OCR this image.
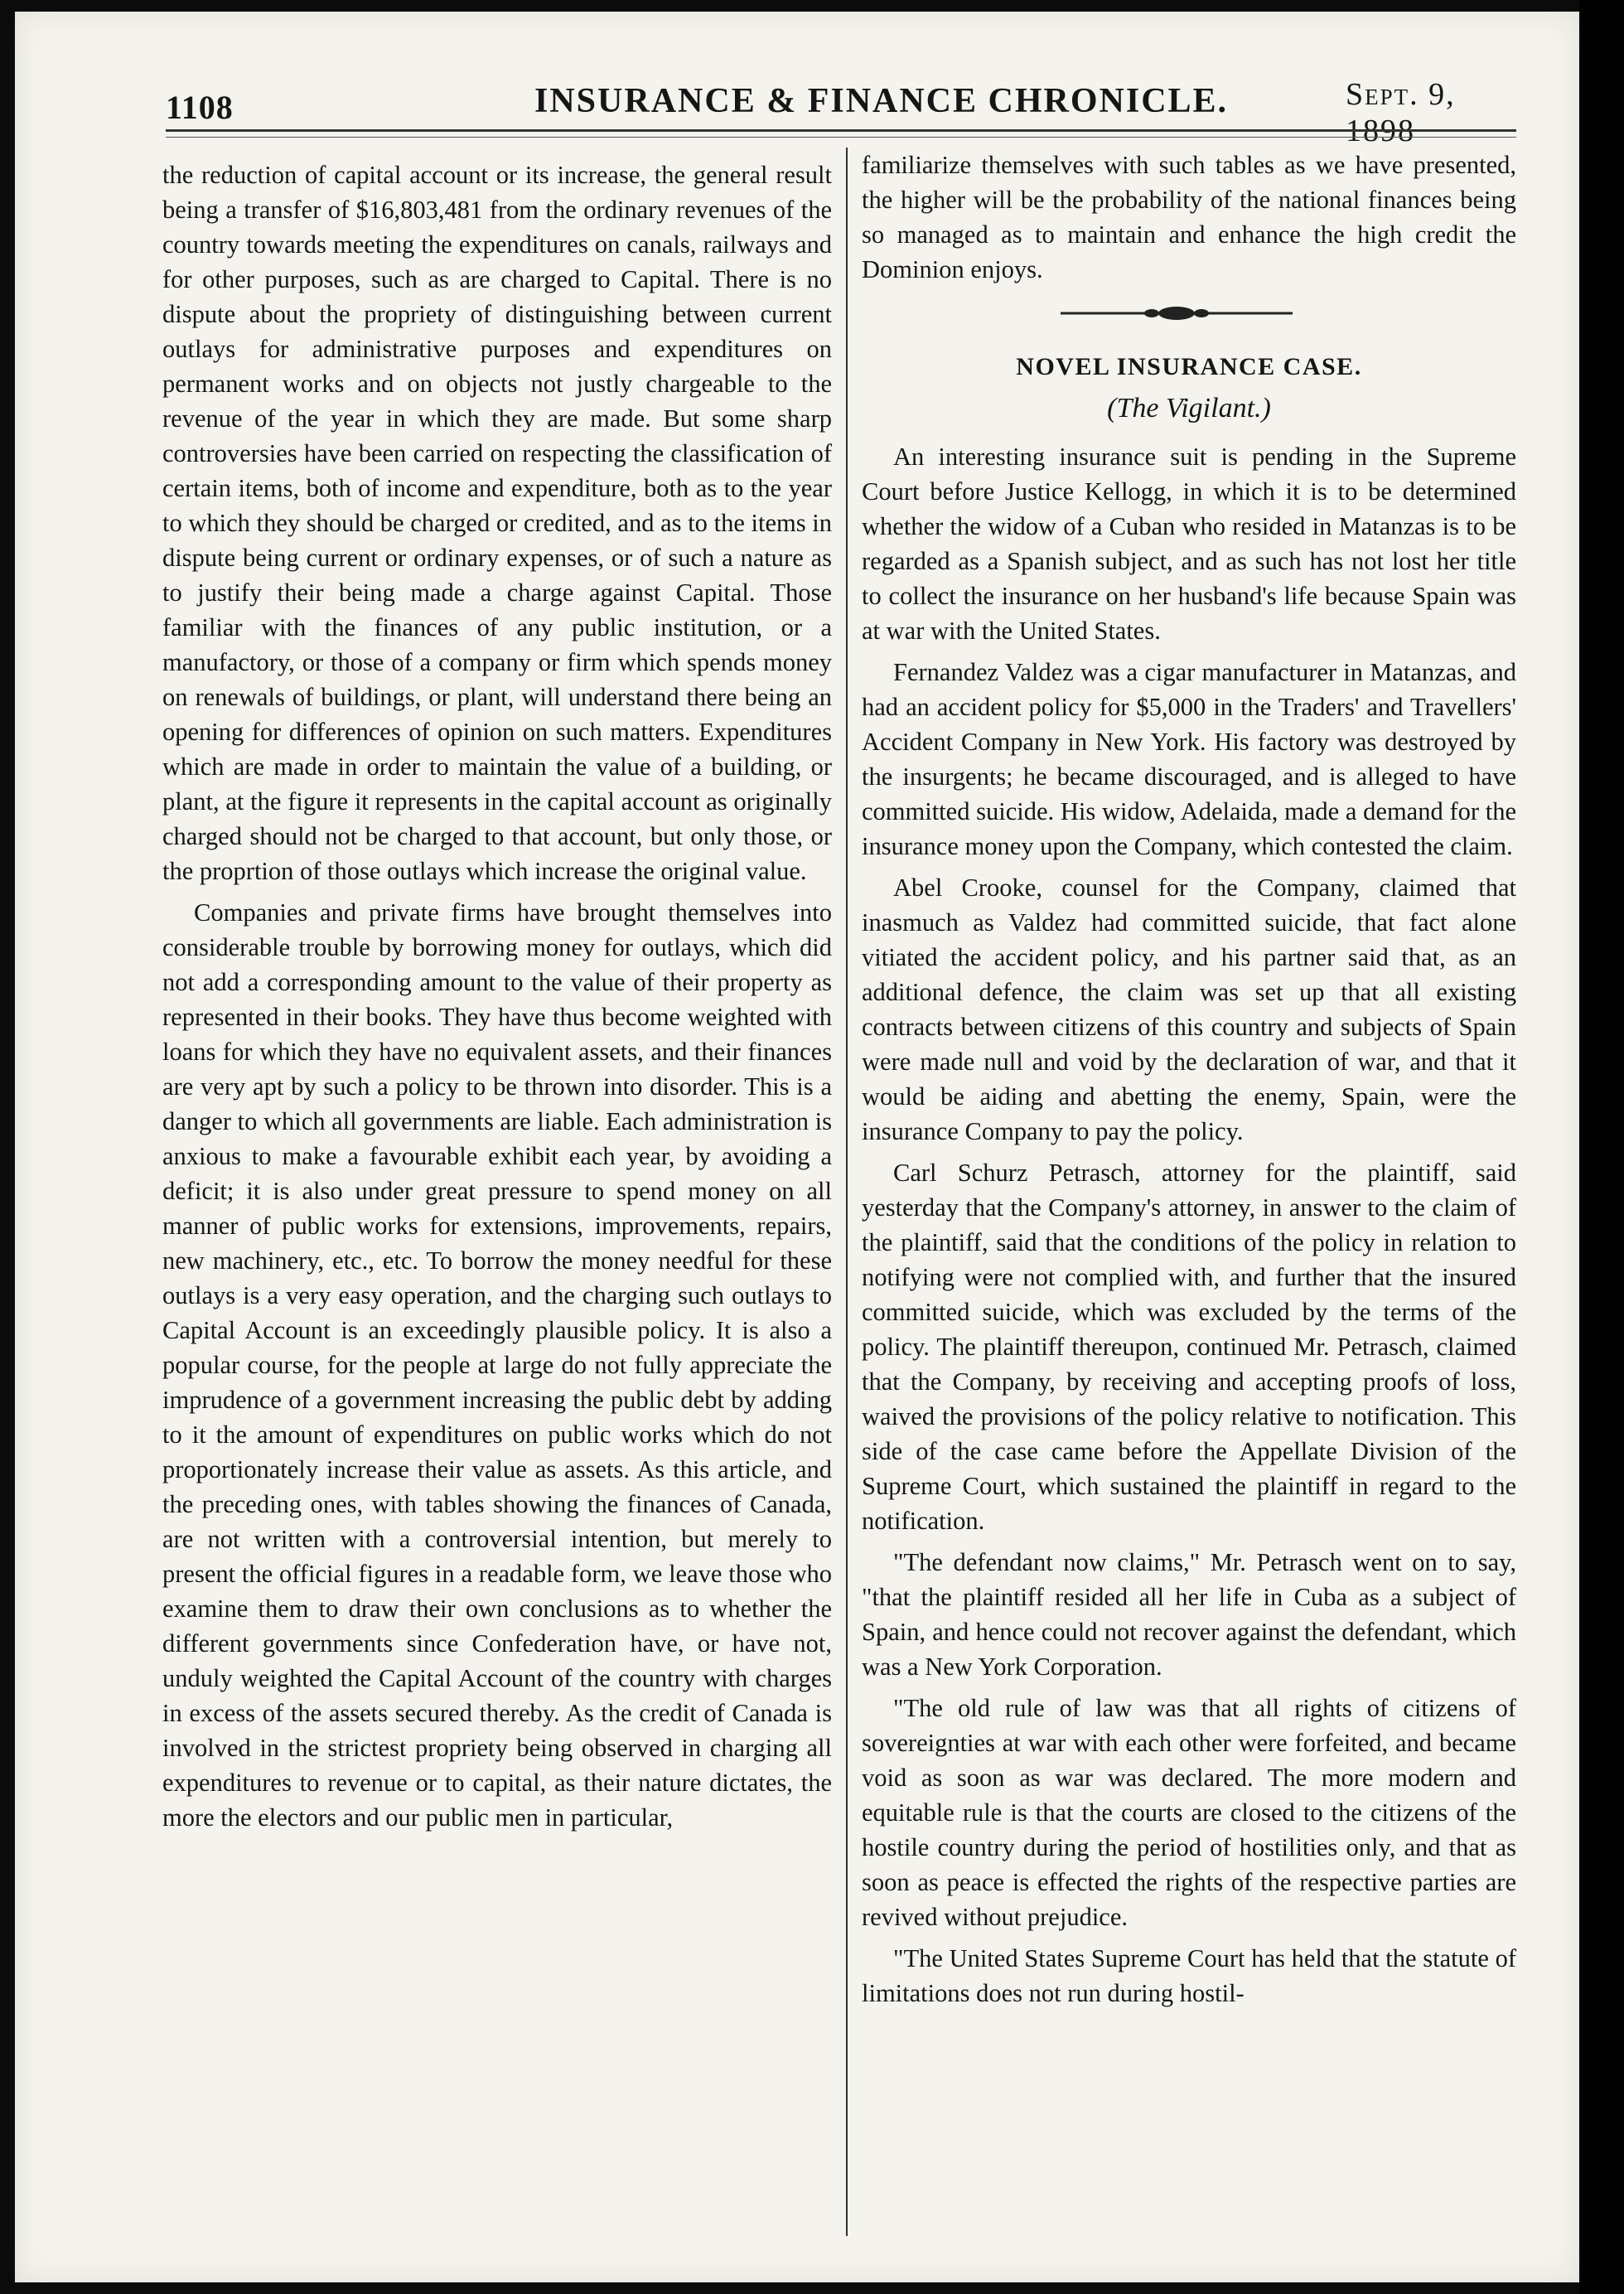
1108	INSURANCE & FINANCE CHRONICLE.	Sept. 9, 1898

the reduction of capital account or its increase, the general result being a transfer of $16,803,481 from the ordinary revenues of the country towards meeting the expenditures on canals, railways and for other purposes, such as are charged to Capital. There is no dispute about the propriety of distinguishing between current outlays for administrative purposes and expenditures on permanent works and on objects not justly chargeable to the revenue of the year in which they are made. But some sharp controversies have been carried on respecting the classification of certain items, both of income and expenditure, both as to the year to which they should be charged or credited, and as to the items in dispute being current or ordinary expenses, or of such a nature as to justify their being made a charge against Capital. Those familiar with the finances of any public institution, or a manufactory, or those of a company or firm which spends money on renewals of buildings, or plant, will understand there being an opening for differences of opinion on such matters. Expenditures which are made in order to maintain the value of a building, or plant, at the figure it represents in the capital account as originally charged should not be charged to that account, but only those, or the proprtion of those outlays which increase the original value.

Companies and private firms have brought themselves into considerable trouble by borrowing money for outlays, which did not add a corresponding amount to the value of their property as represented in their books. They have thus become weighted with loans for which they have no equivalent assets, and their finances are very apt by such a policy to be thrown into disorder. This is a danger to which all governments are liable. Each administration is anxious to make a favourable exhibit each year, by avoiding a deficit; it is also under great pressure to spend money on all manner of public works for extensions, improvements, repairs, new machinery, etc., etc. To borrow the money needful for these outlays is a very easy operation, and the charging such outlays to Capital Account is an exceedingly plausible policy. It is also a popular course, for the people at large do not fully appreciate the imprudence of a government increasing the public debt by adding to it the amount of expenditures on public works which do not proportionately increase their value as assets. As this article, and the preceding ones, with tables showing the finances of Canada, are not written with a controversial intention, but merely to present the official figures in a readable form, we leave those who examine them to draw their own conclusions as to whether the different governments since Confederation have, or have not, unduly weighted the Capital Account of the country with charges in excess of the assets secured thereby. As the credit of Canada is involved in the strictest propriety being observed in charging all expenditures to revenue or to capital, as their nature dictates, the more the electors and our public men in particular,

familiarize themselves with such tables as we have presented, the higher will be the probability of the national finances being so managed as to maintain and enhance the high credit the Dominion enjoys.

NOVEL INSURANCE CASE.
(The Vigilant.)

An interesting insurance suit is pending in the Supreme Court before Justice Kellogg, in which it is to be determined whether the widow of a Cuban who resided in Matanzas is to be regarded as a Spanish subject, and as such has not lost her title to collect the insurance on her husband's life because Spain was at war with the United States.

Fernandez Valdez was a cigar manufacturer in Matanzas, and had an accident policy for $5,000 in the Traders' and Travellers' Accident Company in New York. His factory was destroyed by the insurgents; he became discouraged, and is alleged to have committed suicide. His widow, Adelaida, made a demand for the insurance money upon the Company, which contested the claim.

Abel Crooke, counsel for the Company, claimed that inasmuch as Valdez had committed suicide, that fact alone vitiated the accident policy, and his partner said that, as an additional defence, the claim was set up that all existing contracts between citizens of this country and subjects of Spain were made null and void by the declaration of war, and that it would be aiding and abetting the enemy, Spain, were the insurance Company to pay the policy.

Carl Schurz Petrasch, attorney for the plaintiff, said yesterday that the Company's attorney, in answer to the claim of the plaintiff, said that the conditions of the policy in relation to notifying were not complied with, and further that the insured committed suicide, which was excluded by the terms of the policy. The plaintiff thereupon, continued Mr. Petrasch, claimed that the Company, by receiving and accepting proofs of loss, waived the provisions of the policy relative to notification. This side of the case came before the Appellate Division of the Supreme Court, which sustained the plaintiff in regard to the notification.

"The defendant now claims," Mr. Petrasch went on to say, "that the plaintiff resided all her life in Cuba as a subject of Spain, and hence could not recover against the defendant, which was a New York Corporation.

"The old rule of law was that all rights of citizens of sovereignties at war with each other were forfeited, and became void as soon as war was declared. The more modern and equitable rule is that the courts are closed to the citizens of the hostile country during the period of hostilities only, and that as soon as peace is effected the rights of the respective parties are revived without prejudice.

"The United States Supreme Court has held that the statute of limitations does not run during hostil-
